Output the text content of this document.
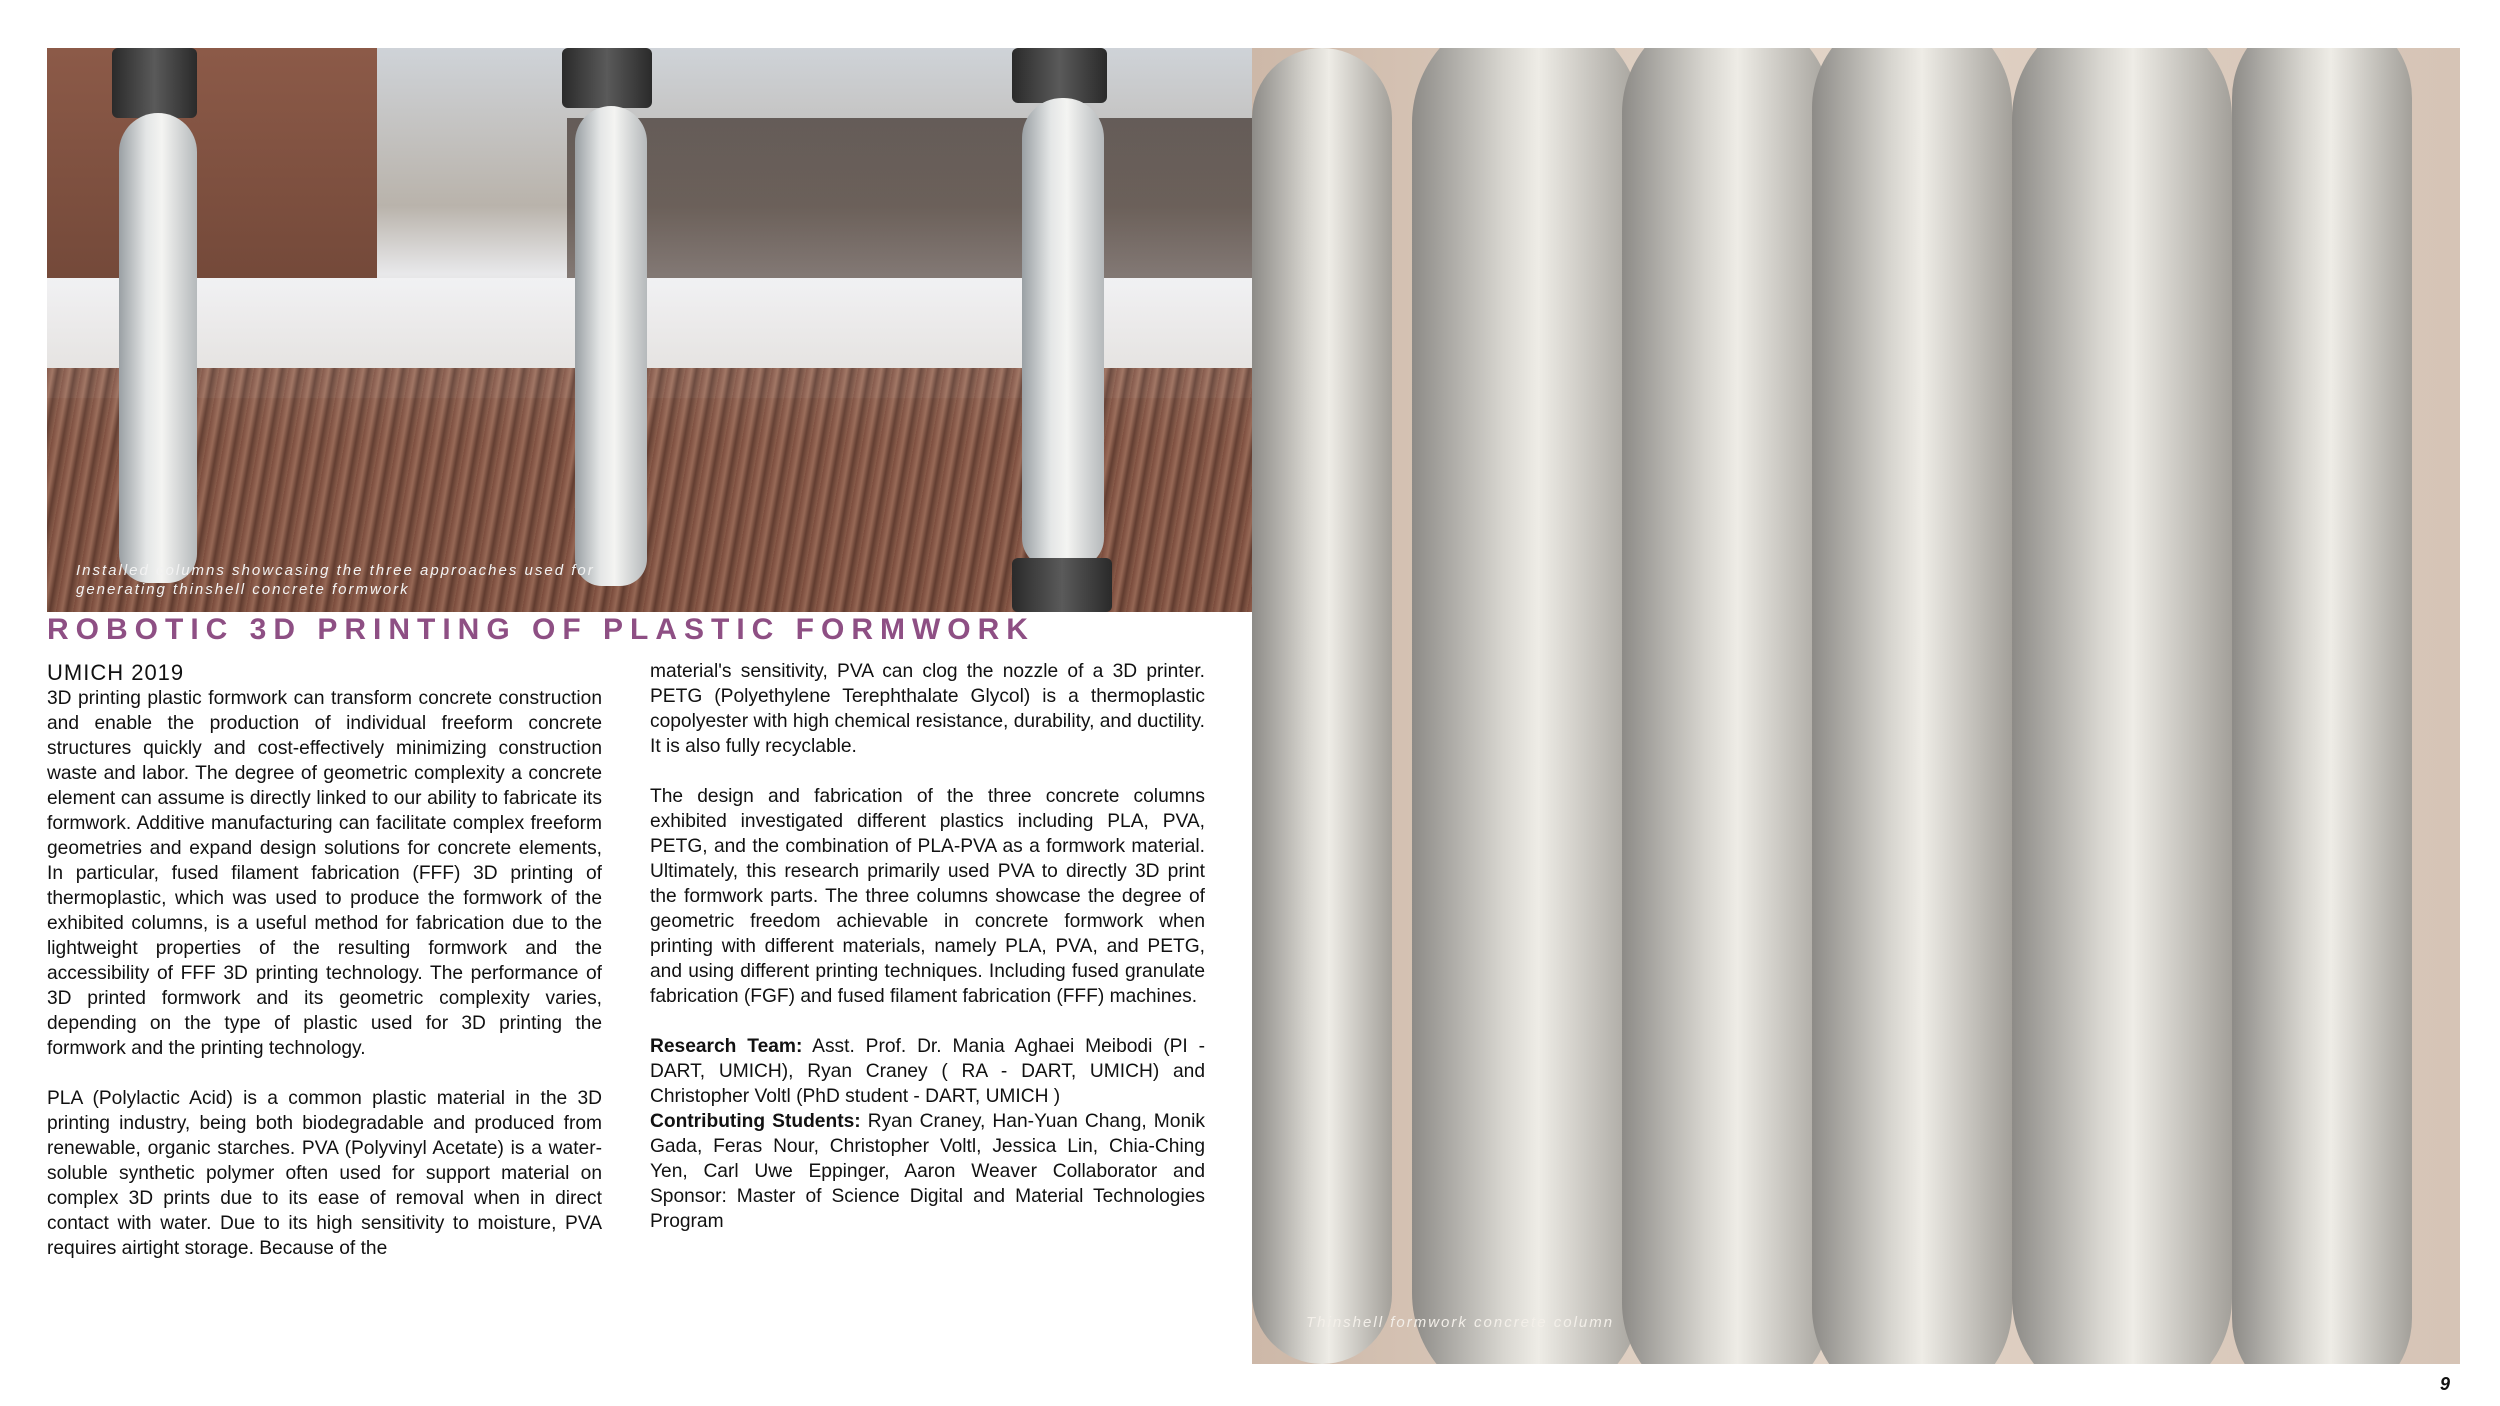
Installed columns showcasing the three approaches used for generating thinshell concrete formwork
Thinshell formwork concrete column
ROBOTIC 3D PRINTING OF PLASTIC FORMWORK
UMICH 2019

3D printing plastic formwork can transform concrete construction and enable the production of individual freeform concrete structures quickly and cost-effectively minimizing construction waste and labor. The degree of geometric complexity a concrete element can assume is directly linked to our ability to fabricate its formwork. Additive manufacturing can facilitate complex freeform geometries and expand design solutions for concrete elements, In particular, fused filament fabrication (FFF) 3D printing of thermoplastic, which was used to produce the formwork of the exhibited columns, is a useful method for fabrication due to the lightweight properties of the resulting formwork and the accessibility of FFF 3D printing technology. The performance of 3D printed formwork and its geometric complexity varies, depending on the type of plastic used for 3D printing the formwork and the printing technology.

PLA (Polylactic Acid) is a common plastic material in the 3D printing industry, being both biodegradable and produced from renewable, organic starches. PVA (Polyvinyl Acetate) is a water-soluble synthetic polymer often used for support material on complex 3D prints due to its ease of removal when in direct contact with water. Due to its high sensitivity to moisture, PVA requires airtight storage. Because of the

material's sensitivity, PVA can clog the nozzle of a 3D printer. PETG (Polyethylene Terephthalate Glycol) is a thermoplastic copolyester with high chemical resistance, durability, and ductility. It is also fully recyclable.

The design and fabrication of the three concrete columns exhibited investigated different plastics including PLA, PVA, PETG, and the combination of PLA-PVA as a formwork material. Ultimately, this research primarily used PVA to directly 3D print the formwork parts. The three columns showcase the degree of geometric freedom achievable in concrete formwork when printing with different materials, namely PLA, PVA, and PETG, and using different printing techniques. Including fused granulate fabrication (FGF) and fused filament fabrication (FFF) machines.

Research Team: Asst. Prof. Dr. Mania Aghaei Meibodi (PI - DART, UMICH), Ryan Craney ( RA - DART, UMICH) and Christopher Voltl (PhD student - DART, UMICH )
Contributing Students: Ryan Craney, Han-Yuan Chang, Monik Gada, Feras Nour, Christopher Voltl, Jessica Lin, Chia-Ching Yen, Carl Uwe Eppinger, Aaron Weaver Collaborator and Sponsor: Master of Science Digital and Material Technologies Program

9
